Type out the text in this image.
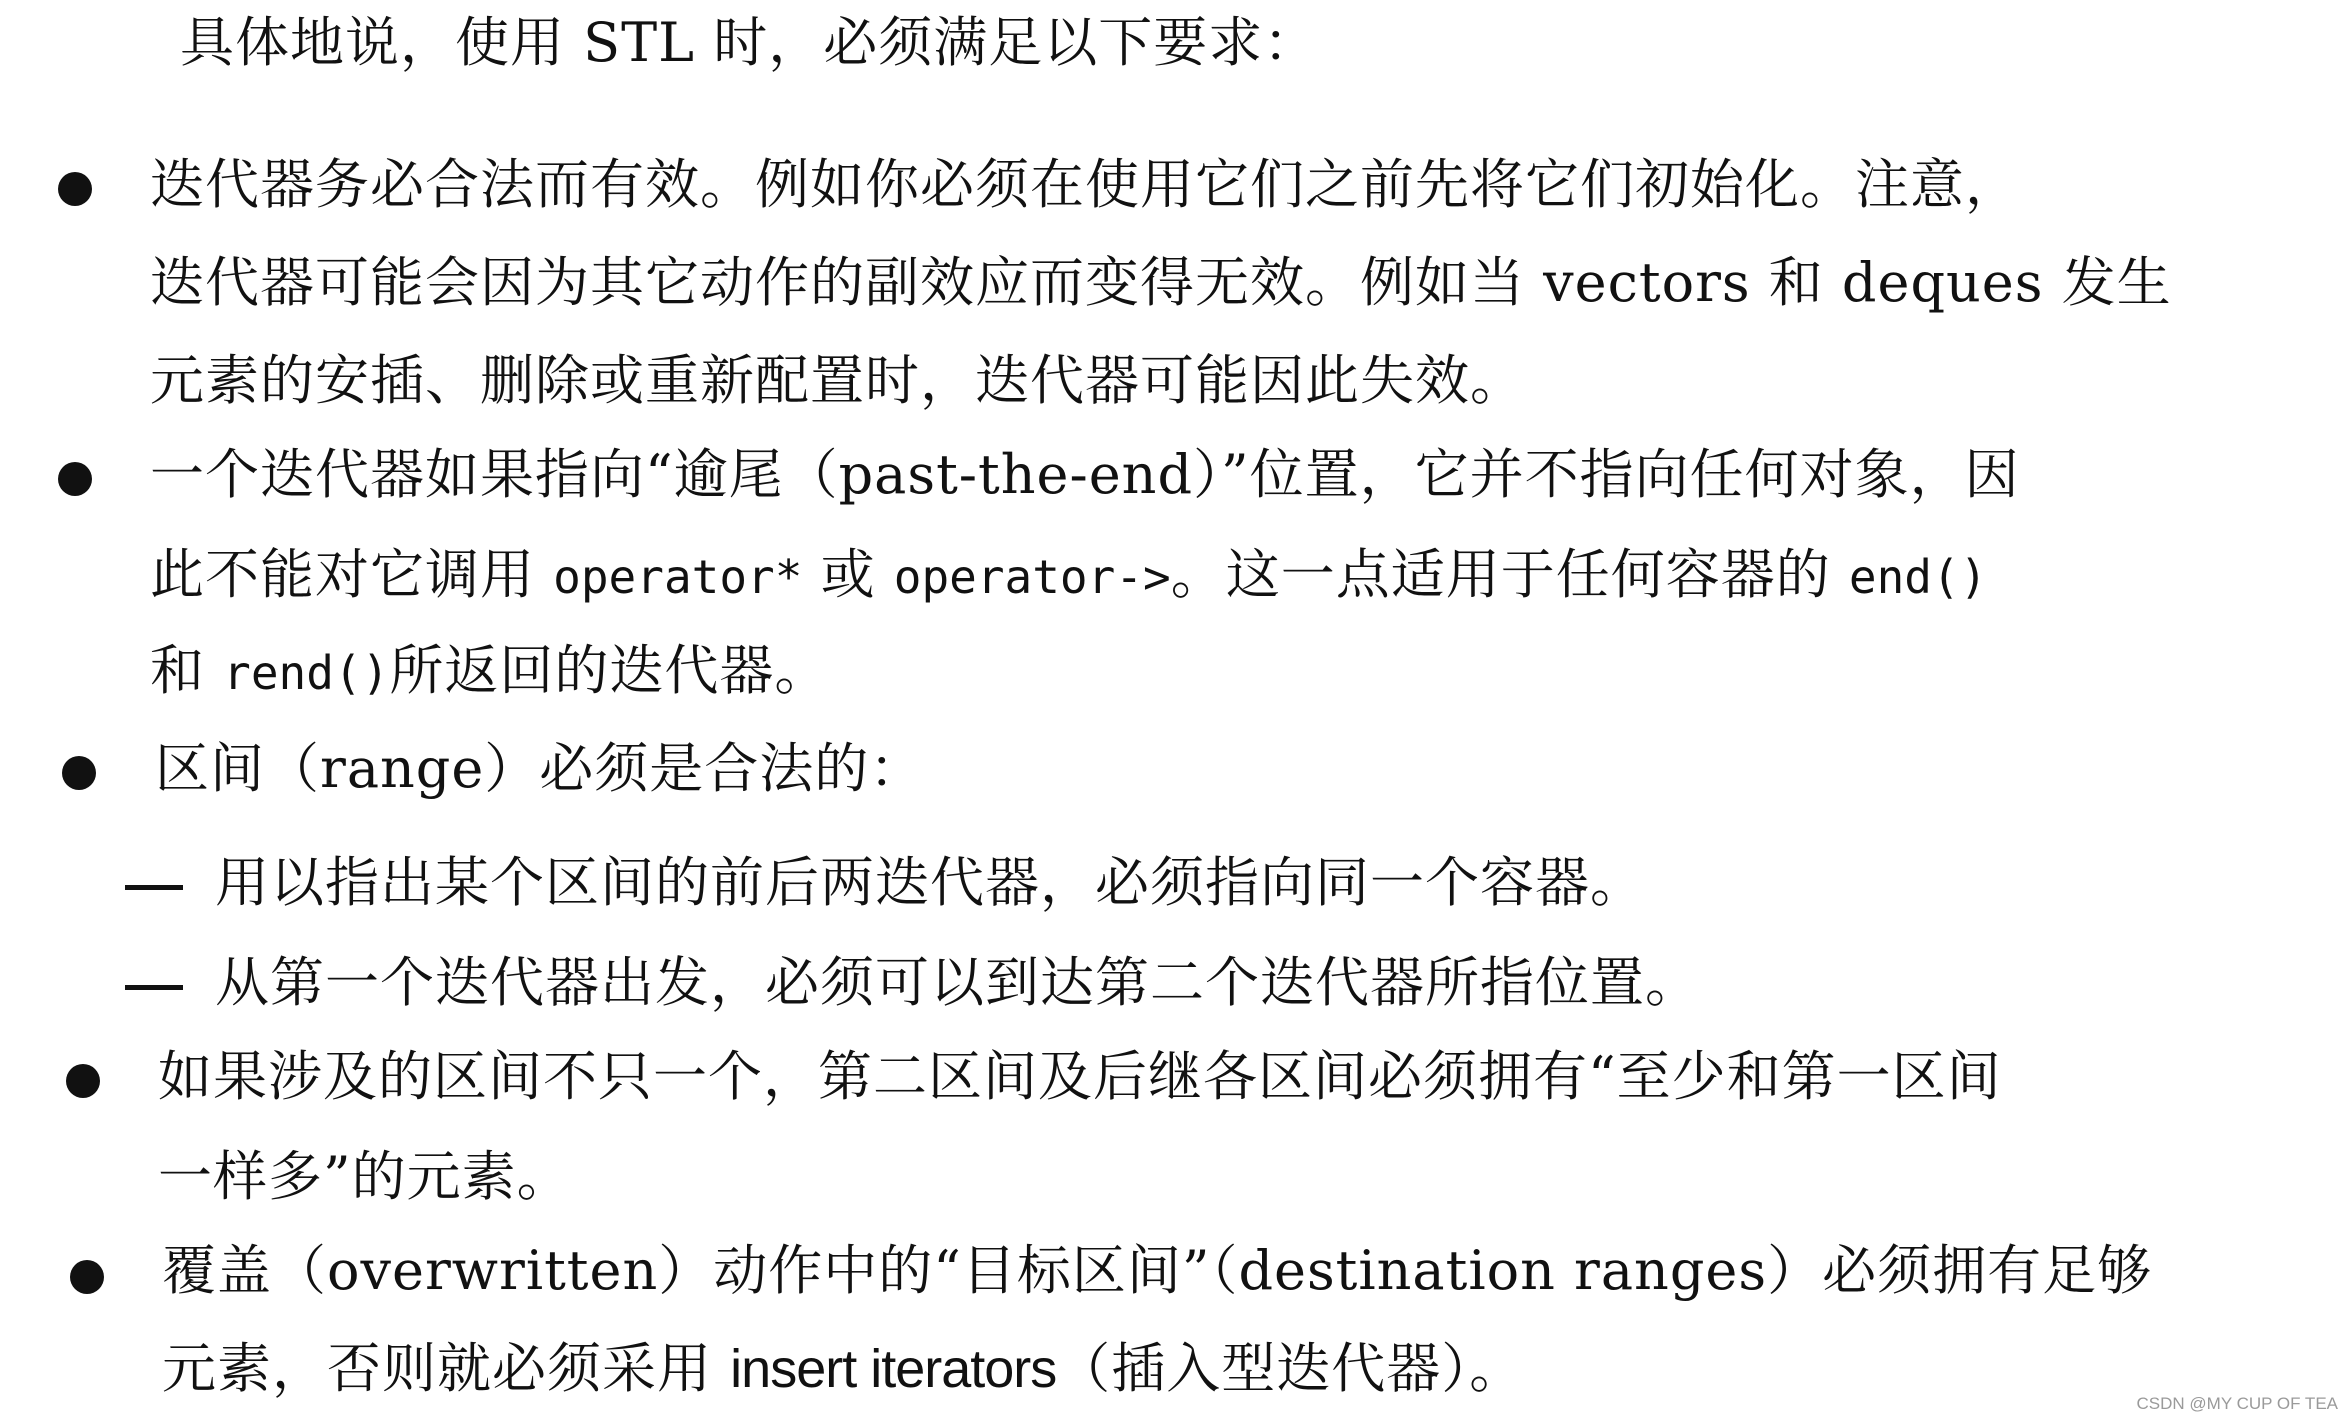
具体地说，使用 STL 时，必须满足以下要求：
迭代器务必合法而有效。例如你必须在使用它们之前先将它们初始化。注意，
迭代器可能会因为其它动作的副效应而变得无效。例如当 vectors 和 deques 发生
元素的安插、删除或重新配置时，迭代器可能因此失效。
一个迭代器如果指向“逾尾（past-the-end）”位置，它并不指向任何对象，因
此不能对它调用 operator* 或 operator->。这一点适用于任何容器的 end()
和 rend()所返回的迭代器。
区间（range）必须是合法的：
用以指出某个区间的前后两迭代器，必须指向同一个容器。
从第一个迭代器出发，必须可以到达第二个迭代器所指位置。
如果涉及的区间不只一个，第二区间及后继各区间必须拥有“至少和第一区间
一样多”的元素。
覆盖（overwritten）动作中的“目标区间”（destination ranges）必须拥有足够
元素，否则就必须采用 insert iterators（插入型迭代器）。
CSDN @MY CUP OF TEA
